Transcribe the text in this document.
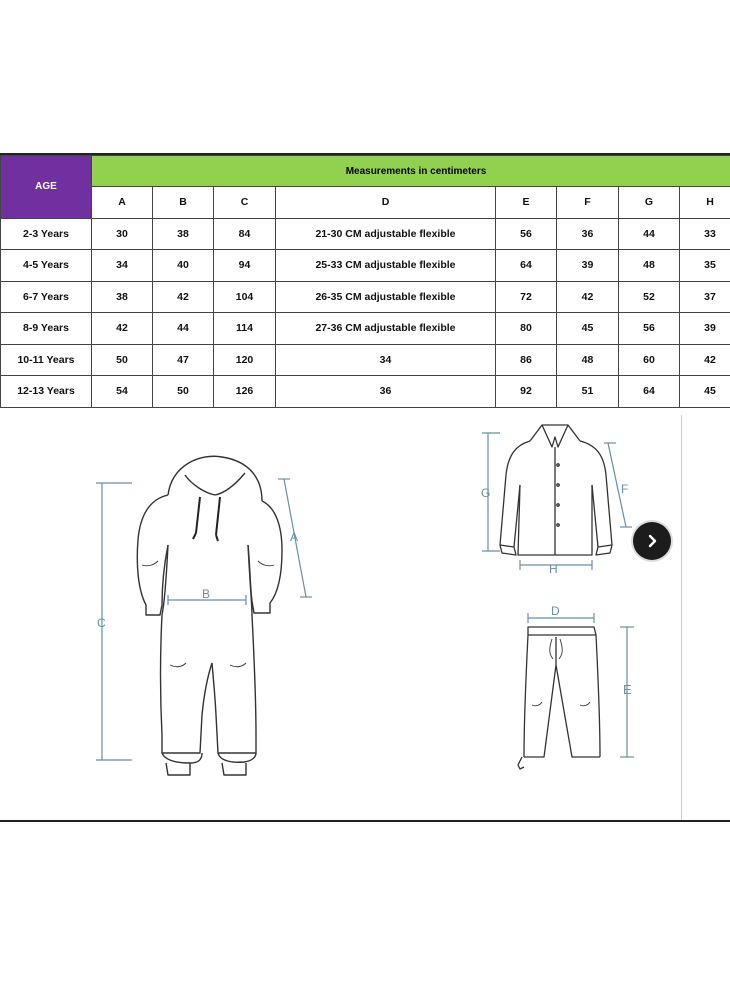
AGE	Measurements in centimeters							
	A	B	C	D	E	F	G	H
2-3 Years	30	38	84	21-30 CM adjustable flexible	56	36	44	33
4-5 Years	34	40	94	25-33 CM adjustable flexible	64	39	48	35
6-7 Years	38	42	104	26-35 CM adjustable flexible	72	42	52	37
8-9 Years	42	44	114	27-36 CM adjustable flexible	80	45	56	39
10-11 Years	50	47	120	34	86	48	60	42
12-13 Years	54	50	126	36	92	51	64	45
C
B
A
G	F
H
D
E
